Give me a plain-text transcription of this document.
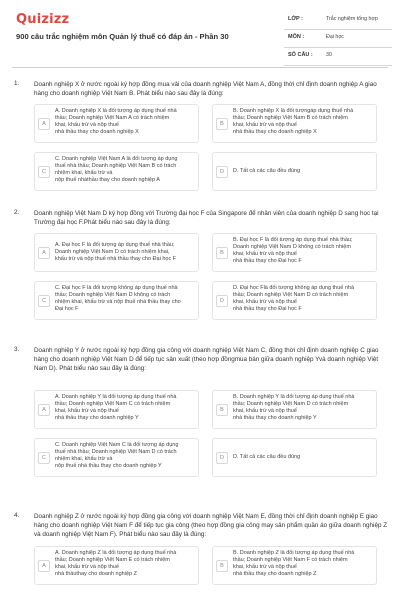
Quizizz
900 câu trắc nghiệm môn Quản lý thuế có đáp án - Phần 30
LỚP :	Trắc nghiệm tổng hợp
MÔN :	Đại học
SỐ CÂU :	30
1. Doanh nghiệp X ở nước ngoài ký hợp đồng mua vải của doanh nghiệp Việt Nam A, đồng thời chỉ định doanh nghiệp A giao hàng cho doanh nghiệp Việt Nam B. Phát biểu nào sau đây là đúng:
A
A. Doanh nghiệp X là đối tượng áp dụng thuế nhà
thầu; Doanh nghiệp Việt Nam A có trách nhiệm
khai, khấu trừ và nộp thuế
nhà thầu thay cho doanh nghiệp X
B
B. Doanh nghiệp X là đối tượngáp dụng thuế nhà
thầu; Doanh nghiệp Việt Nam B có trách nhiệm
khai, khấu trừ và nộp thuế
nhà thầu thay cho doanh nghiệp X
C
C. Doanh nghiệp Việt Nam A là đối tượng áp dụng
thuế nhà thầu; Doanh nghiệp Việt Nam B có trách
nhiệm khai, khấu trừ và
nộp thuế nhàthầu thay cho doanh nghiệp A
D	D. Tất cả các câu đều đúng
2. Doanh nghiệp Việt Nam D ký hợp đồng với Trường đại học F của Singapore để nhân viên của doanh nghiệp D sang học tại Trường đại học F.Phát biểu nào sau đây là đúng:
A
A. Đại học F là đối tượng áp dụng thuế nhà thầu;
Doanh nghiệp Việt Nam D có trách nhiệm khai,
khấu trừ và nộp thuế nhà thầu thay cho Đại học F
B
B. Đại học F là đối tượng áp dụng thuế nhà thầu;
Doanh nghiệp Việt Nam D không có trách nhiệm
khai, khấu trừ và nộp thuế
nhà thầu thay cho Đại học F
C
C. Đại học F là đối tượng không áp dụng thuế nhà
thầu; Doanh nghiệp Việt Nam D không có trách
nhiệm khai, khấu trừ và nộp thuế nhà thầu thay cho
Đại học F
D
D. Đại học Flà đối tượng không áp dụng thuế nhà
thầu; Doanh nghiệp Việt Nam D có trách nhiệm
khai, khấu trừ và nộp thuế
nhà thầu thay cho Đại học F
3. Doanh nghiệp Y ở nước ngoài ký hợp đồng gia công với doanh nghiệp Việt Nam C, đồng thời chỉ định doanh nghiệp C giao
hàng cho doanh nghiệp Việt Nam D để tiếp tục sản xuất (theo hợp đồngmua bán giữa doanh nghiệp Yvà doanh nghiệp Việt Nam D). Phát biểu nào sau đây là đúng:
A
A. Doanh nghiệp Y là đối tượng áp dụng thuế nhà
thầu; Doanh nghiệp Việt Nam C có trách nhiệm
khai, khấu trừ và nộp thuế
nhà thầu thay cho doanh nghiệp Y
B
B. Doanh nghiệp Y là đối tượng áp dụng thuế nhà
thầu; Doanh nghiệp Việt Nam D có trách nhiệm
khai, khấu trừ và nộp thuế
nhà thầu thay cho doanh nghiệp Y
C
C. Doanh nghiệp Việt Nam C là đối tượng áp dụng
thuế nhà thầu; Doanh nghiệp Việt Nam D có trách
nhiệm khai, khấu trừ và
nộp thuế nhà thầu thay cho doanh nghiệp Y
D	D. Tất cả các câu đều đúng
4. Doanh nghiệp Z ở nước ngoài ký hợp đồng gia công với doanh nghiệp Việt Nam E, đồng thời chỉ định doanh nghiệp E giao hàng cho doanh nghiệp Việt Nam F để tiếp tục gia công (theo hợp đồng gia công may sản phẩm quần áo giữa doanh nghiệp Z và doanh nghiệp Việt Nam F). Phát biểu nào sau đây là đúng:
A
A. Doanh nghiệp Z là đối tượng áp dụng thuế nhà
thầu; Doanh nghiệp Việt Nam E có trách nhiệm
khai, khấu trừ và nộp thuế
nhà thầuthay cho doanh nghiệp Z
B
B. Doanh nghiệp Z là đối tượng áp dụng thuế nhà
thầu; Doanh nghiệp Việt Nam F có trách nhiệm
khai, khấu trừ và nộp thuế
nhà thầu thay cho doanh nghiệp Z
